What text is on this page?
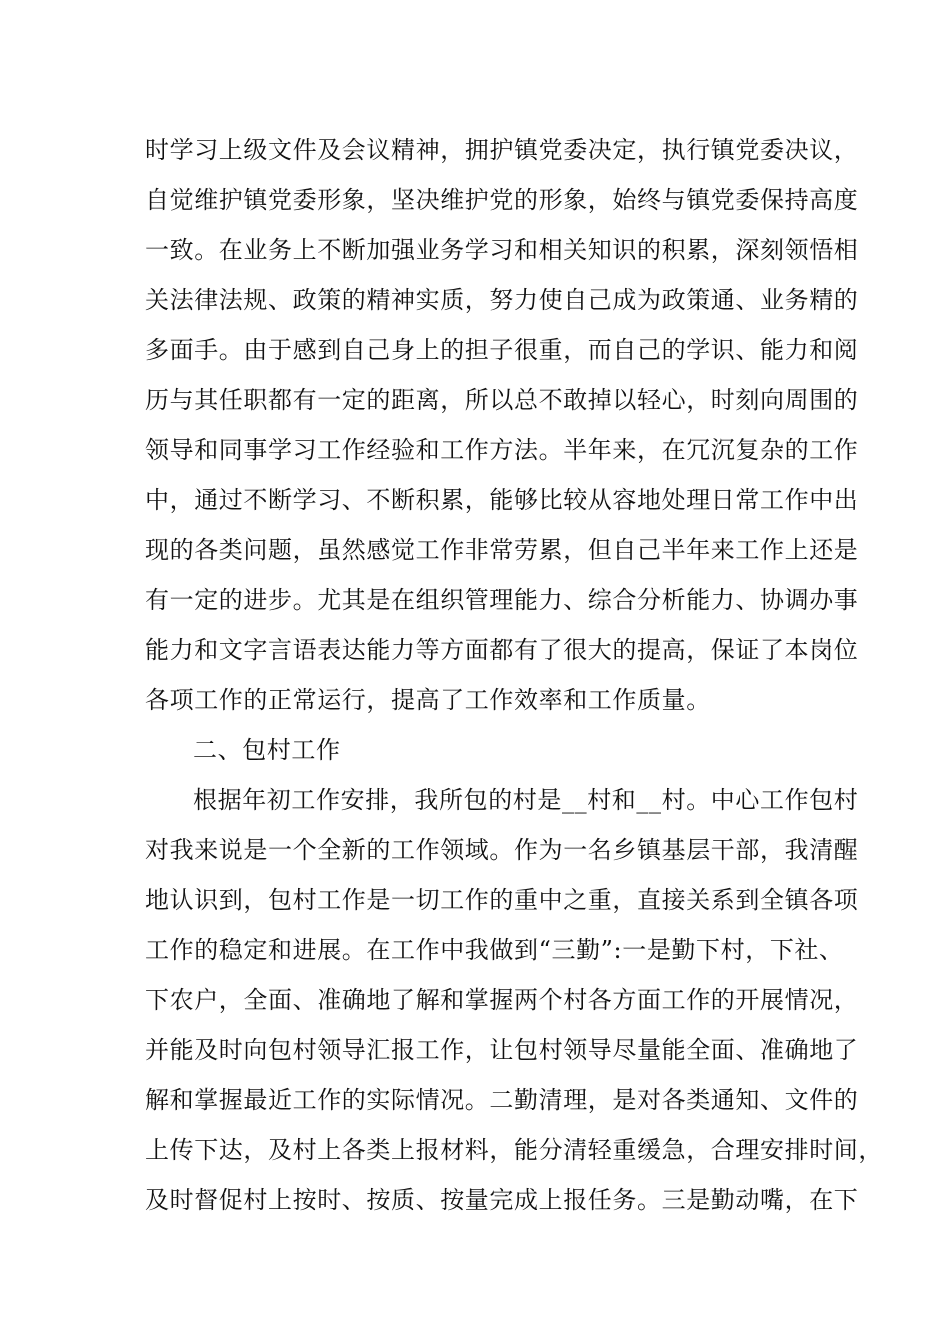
时学习上级文件及会议精神，拥护镇党委决定，执行镇党委决议，
自觉维护镇党委形象，坚决维护党的形象，始终与镇党委保持高度
一致。在业务上不断加强业务学习和相关知识的积累，深刻领悟相
关法律法规、政策的精神实质，努力使自己成为政策通、业务精的
多面手。由于感到自己身上的担子很重，而自己的学识、能力和阅
历与其任职都有一定的距离，所以总不敢掉以轻心，时刻向周围的
领导和同事学习工作经验和工作方法。半年来，在冗沉复杂的工作
中，通过不断学习、不断积累，能够比较从容地处理日常工作中出
现的各类问题，虽然感觉工作非常劳累，但自己半年来工作上还是
有一定的进步。尤其是在组织管理能力、综合分析能力、协调办事
能力和文字言语表达能力等方面都有了很大的提高，保证了本岗位
各项工作的正常运行，提高了工作效率和工作质量。
二、包村工作
根据年初工作安排，我所包的村是__村和__村。中心工作包村
对我来说是一个全新的工作领域。作为一名乡镇基层干部，我清醒
地认识到，包村工作是一切工作的重中之重，直接关系到全镇各项
工作的稳定和进展。在工作中我做到“三勤”:一是勤下村，下社、
下农户，全面、准确地了解和掌握两个村各方面工作的开展情况，
并能及时向包村领导汇报工作，让包村领导尽量能全面、准确地了
解和掌握最近工作的实际情况。二勤清理，是对各类通知、文件的
上传下达，及村上各类上报材料，能分清轻重缓急，合理安排时间，
及时督促村上按时、按质、按量完成上报任务。三是勤动嘴，在下
